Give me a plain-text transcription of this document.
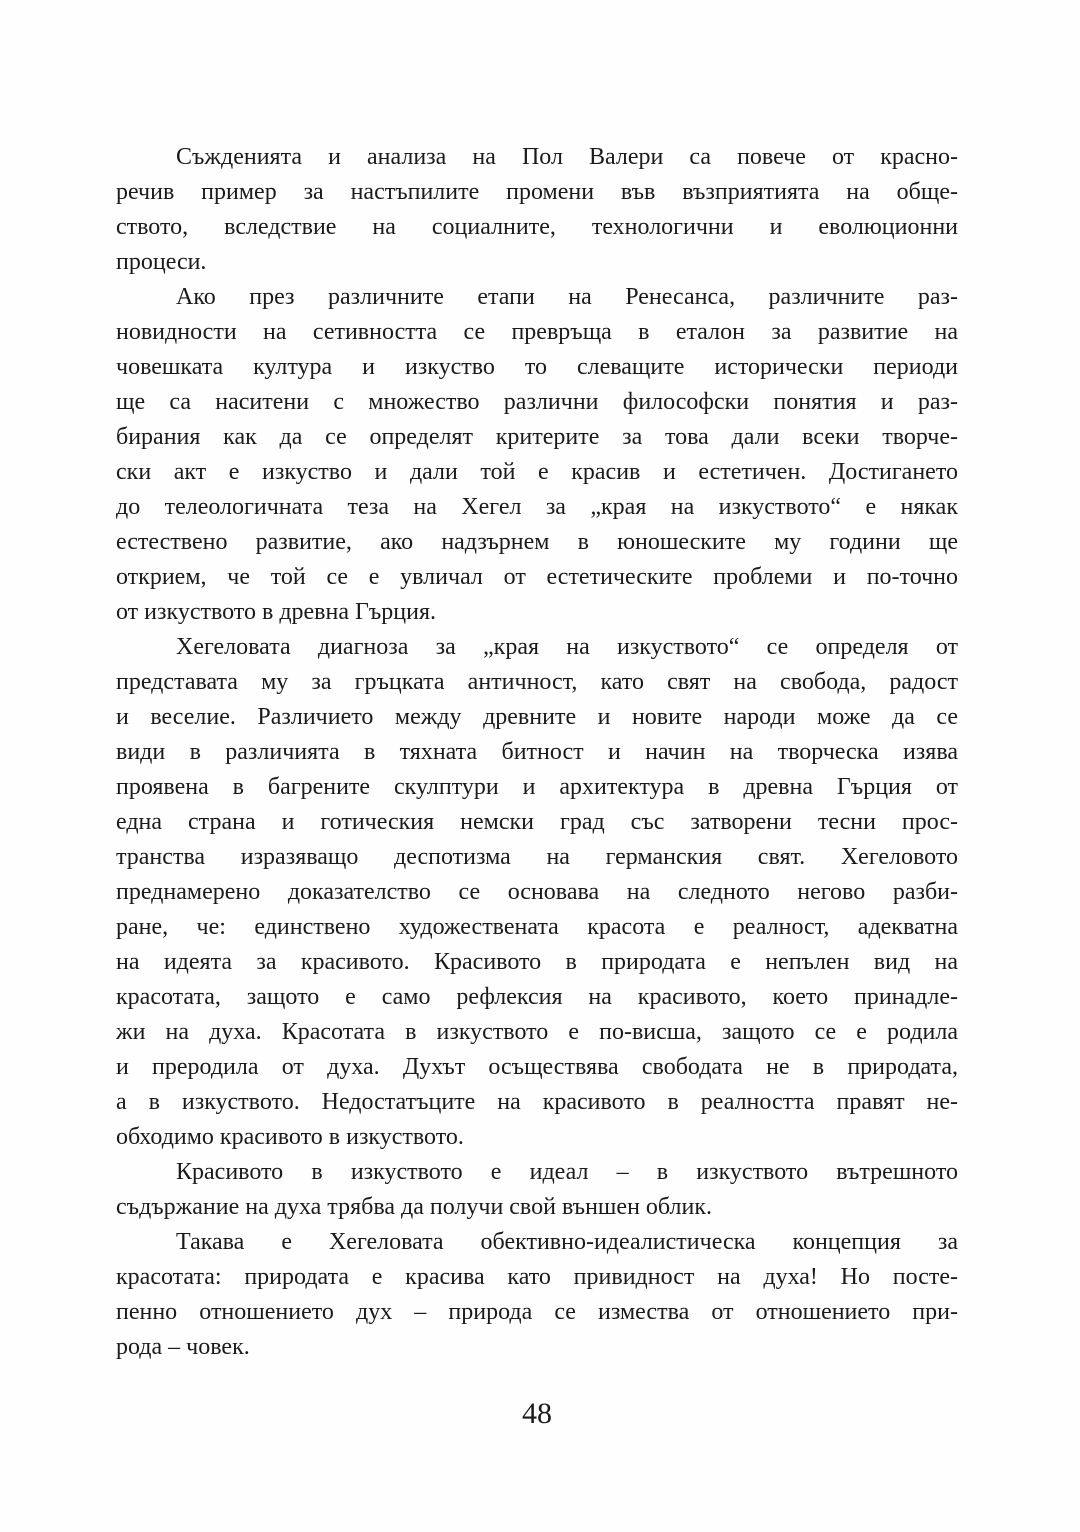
Съжденията и анализа на Пол Валери са повече от красно-
речив пример за настъпилите промени във възприятията на обще-
ството, вследствие на социалните, технологични и еволюционни
процеси.
Ако през различните етапи на Ренесанса, различните раз-
новидности на сетивността се превръща в еталон за развитие на
човешката култура и изкуство то слеващите исторически периоди
ще са наситени с множество различни философски понятия и раз-
бирания как да се определят критерите за това дали всеки творче-
ски акт е изкуство и дали той е красив и естетичен. Достигането
до телеологичната теза на Хегел за „края на изкуството“ е някак
естествено развитие, ако надзърнем в юношеските му години ще
открием, че той се е увличал от естетическите проблеми и по-точно
от изкуството в древна Гърция.
Хегеловата диагноза за „края на изкуството“ се определя от
представата му за гръцката античност, като свят на свобода, радост
и веселие. Различието между древните и новите народи може да се
види в различията в тяхната битност и начин на творческа изява
проявена в багрените скулптури и архитектура в древна Гърция от
една страна и готическия немски град със затворени тесни прос-
транства изразяващо деспотизма на германския свят. Хегеловото
преднамерено доказателство се основава на следното негово разби-
ране, че: единствено художествената красота е реалност, адекватна
на идеята за красивото. Красивото в природата е непълен вид на
красотата, защото е само рефлексия на красивото, което принадле-
жи на духа. Красотата в изкуството е по-висша, защото се е родила
и преродила от духа. Духът осъществява свободата не в природата,
а в изкуството. Недостатъците на красивото в реалността правят не-
обходимо красивото в изкуството.
Красивото в изкуството е идеал – в изкуството вътрешното
съдържание на духа трябва да получи свой външен облик.
Такава е Хегеловата обективно-идеалистическа концепция за
красотата: природата е красива като привидност на духа! Но посте-
пенно отношението дух – природа се измества от отношението при-
рода – човек.
48
